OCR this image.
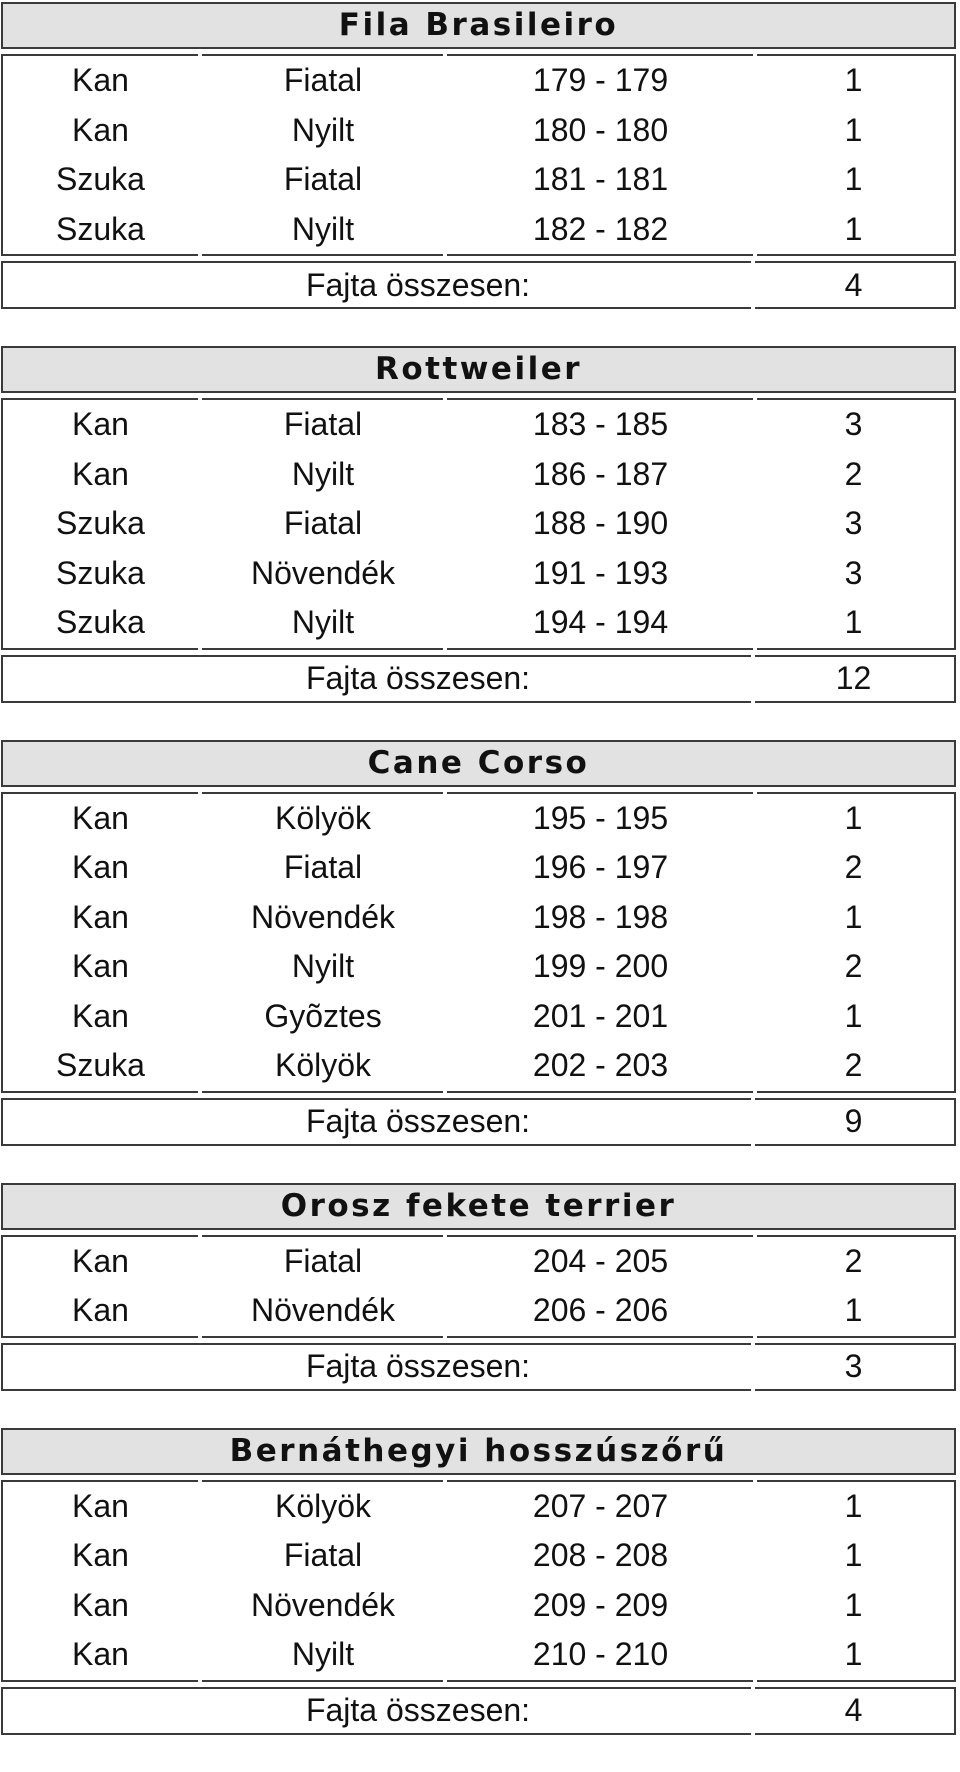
Fila Brasileiro
Kan	Fiatal	179 - 179	1
Kan	Nyilt	180 - 180	1
Szuka	Fiatal	181 - 181	1
Szuka	Nyilt	182 - 182	1
Fajta összesen:	4
Rottweiler
Kan	Fiatal	183 - 185	3
Kan	Nyilt	186 - 187	2
Szuka	Fiatal	188 - 190	3
Szuka	Növendék	191 - 193	3
Szuka	Nyilt	194 - 194	1
Fajta összesen:	12
Cane Corso
Kan	Kölyök	195 - 195	1
Kan	Fiatal	196 - 197	2
Kan	Növendék	198 - 198	1
Kan	Nyilt	199 - 200	2
Kan	Gyõztes	201 - 201	1
Szuka	Kölyök	202 - 203	2
Fajta összesen:	9
Orosz fekete terrier
Kan	Fiatal	204 - 205	2
Kan	Növendék	206 - 206	1
Fajta összesen:	3
Bernáthegyi hosszúszőrű
Kan	Kölyök	207 - 207	1
Kan	Fiatal	208 - 208	1
Kan	Növendék	209 - 209	1
Kan	Nyilt	210 - 210	1
Fajta összesen:	4
